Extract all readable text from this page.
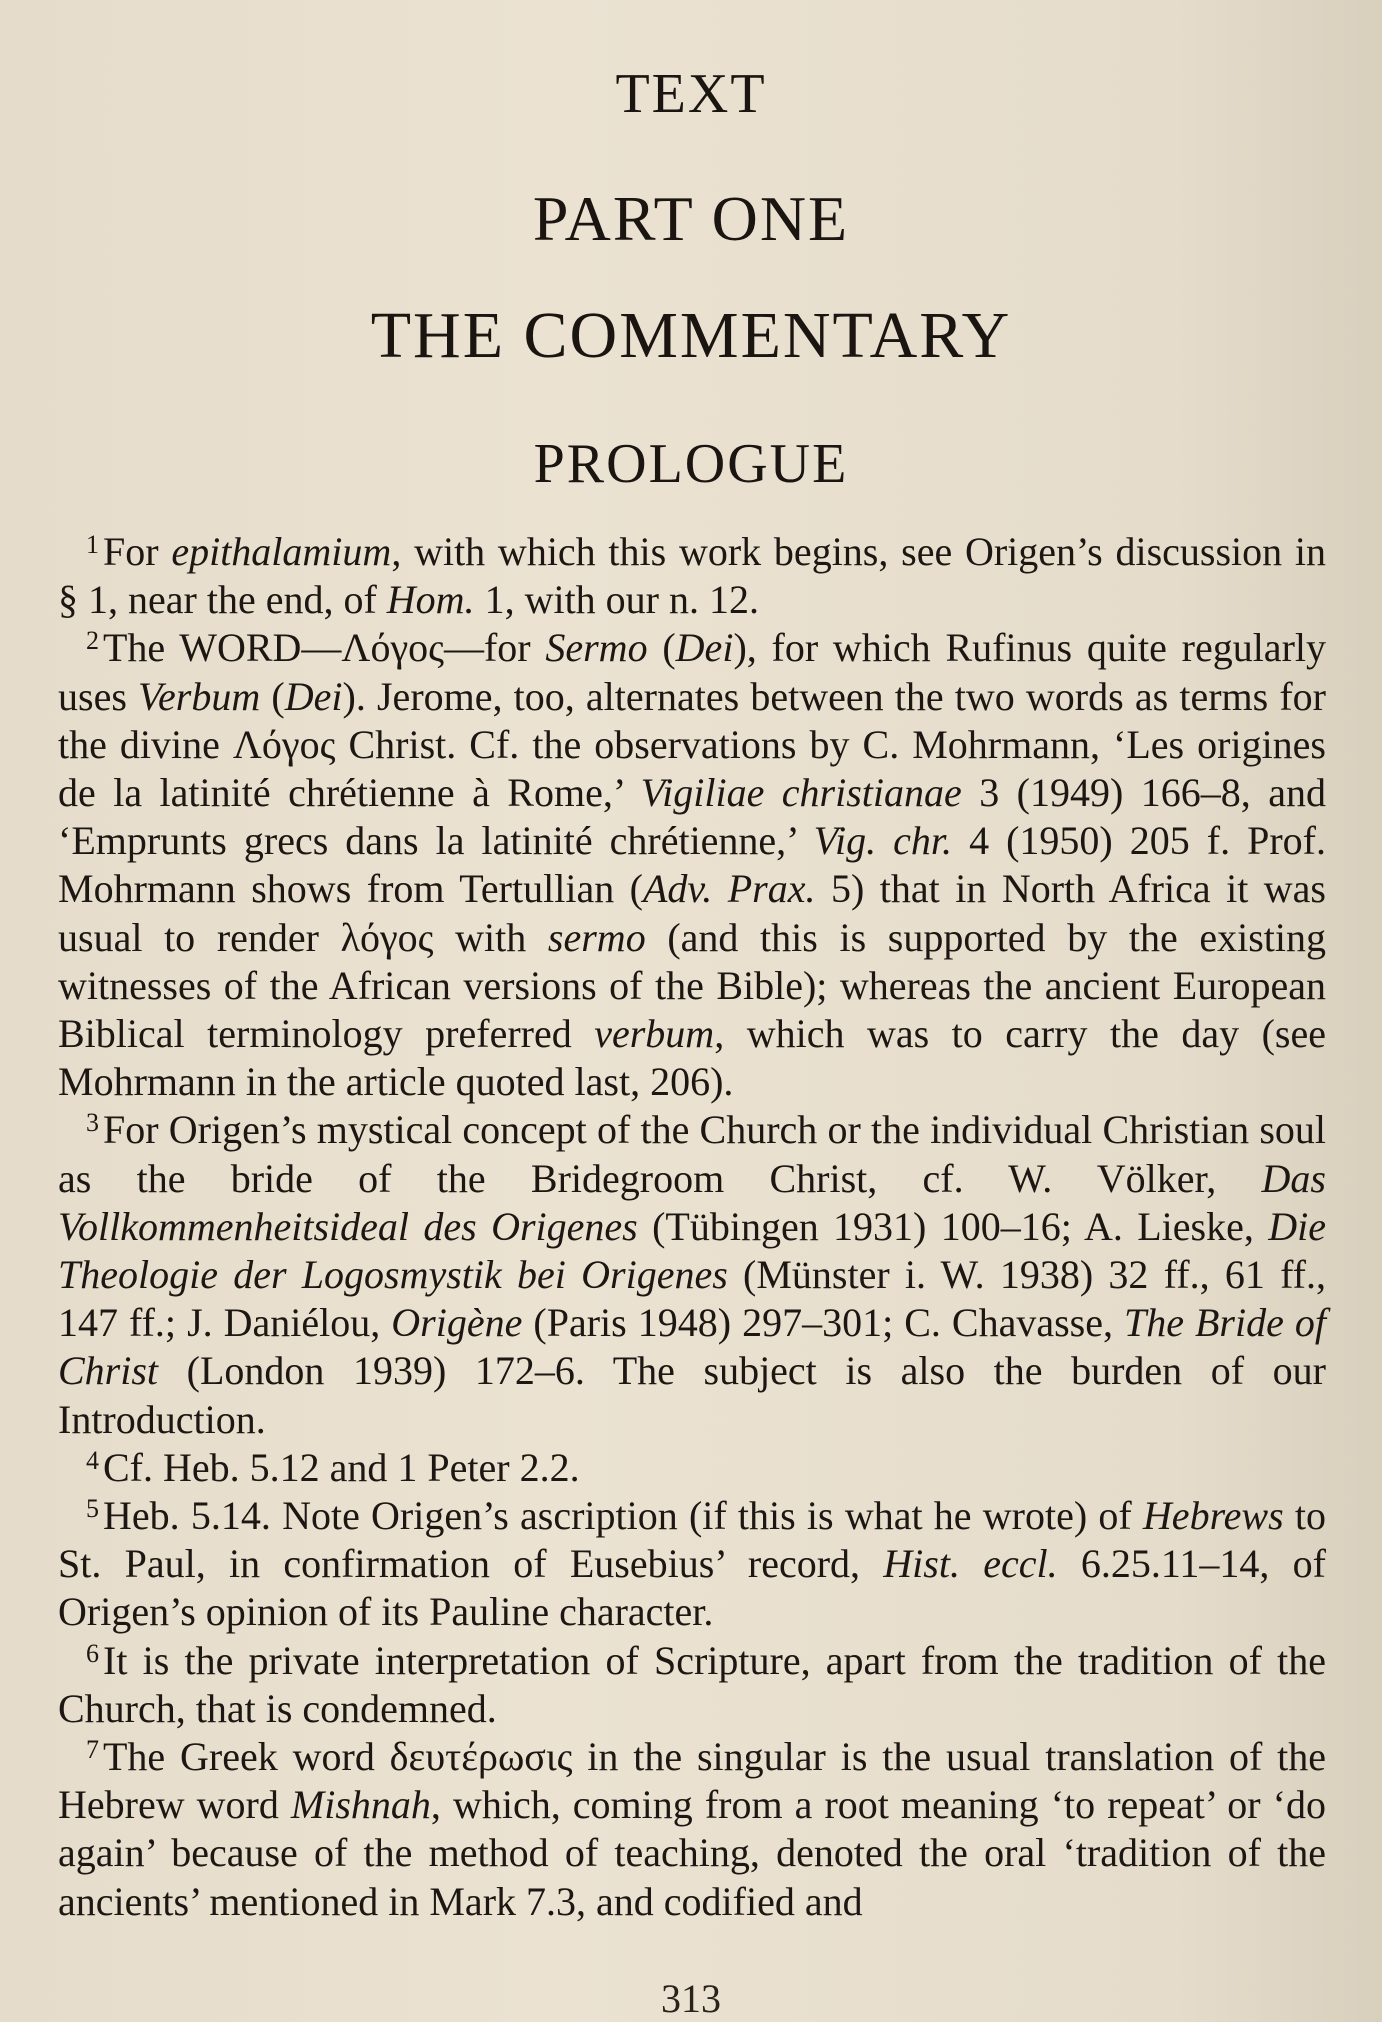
TEXT
PART ONE
THE COMMENTARY
PROLOGUE

$^1$ For epithalamium, with which this work begins, see Origen’s discussion in § 1, near the end, of Hom. 1, with our n. 12.

$^2$ The WORD—Λόγος—for Sermo (Dei), for which Rufinus quite regularly uses Verbum (Dei). Jerome, too, alternates between the two words as terms for the divine Λόγος Christ. Cf. the observations by C. Mohrmann, ‘Les origines de la latinité chrétienne à Rome,’ Vigiliae christianae 3 (1949) 166–8, and ‘Emprunts grecs dans la latinité chrétienne,’ Vig. chr. 4 (1950) 205 f. Prof. Mohrmann shows from Tertullian (Adv. Prax. 5) that in North Africa it was usual to render λόγος with sermo (and this is supported by the existing witnesses of the African versions of the Bible); whereas the ancient European Biblical terminology preferred verbum, which was to carry the day (see Mohrmann in the article quoted last, 206).

$^3$ For Origen’s mystical concept of the Church or the individual Christian soul as the bride of the Bridegroom Christ, cf. W. Völker, Das Vollkommenheitsideal des Origenes (Tübingen 1931) 100–16; A. Lieske, Die Theologie der Logosmystik bei Origenes (Münster i. W. 1938) 32 ff., 61 ff., 147 ff.; J. Daniélou, Origène (Paris 1948) 297–301; C. Chavasse, The Bride of Christ (London 1939) 172–6. The subject is also the burden of our Introduction.

$^4$ Cf. Heb. 5.12 and 1 Peter 2.2.

$^5$ Heb. 5.14. Note Origen’s ascription (if this is what he wrote) of Hebrews to St. Paul, in confirmation of Eusebius’ record, Hist. eccl. 6.25.11–14, of Origen’s opinion of its Pauline character.

$^6$ It is the private interpretation of Scripture, apart from the tradition of the Church, that is condemned.

$^7$ The Greek word δευτέρωσις in the singular is the usual translation of the Hebrew word Mishnah, which, coming from a root meaning ‘to repeat’ or ‘do again’ because of the method of teaching, denoted the oral ‘tradition of the ancients’ mentioned in Mark 7.3, and codified and

313
